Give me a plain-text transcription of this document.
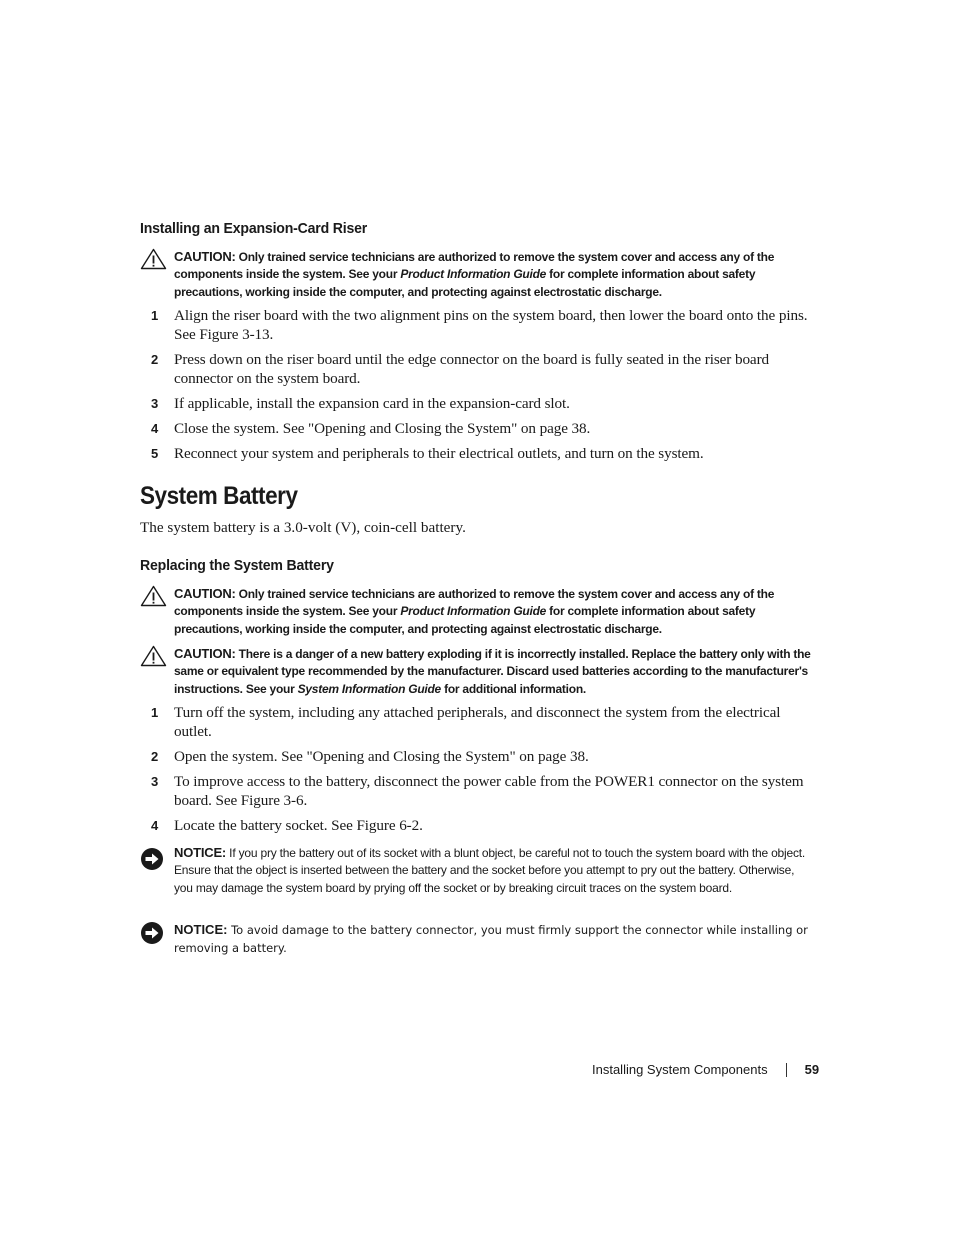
Installing an Expansion-Card Riser
CAUTION: Only trained service technicians are authorized to remove the system cover and access any of the components inside the system. See your Product Information Guide for complete information about safety precautions, working inside the computer, and protecting against electrostatic discharge.
1 Align the riser board with the two alignment pins on the system board, then lower the board onto the pins. See Figure 3-13.
2 Press down on the riser board until the edge connector on the board is fully seated in the riser board connector on the system board.
3 If applicable, install the expansion card in the expansion-card slot.
4 Close the system. See "Opening and Closing the System" on page 38.
5 Reconnect your system and peripherals to their electrical outlets, and turn on the system.
System Battery

The system battery is a 3.0-volt (V), coin-cell battery.

Replacing the System Battery
CAUTION: Only trained service technicians are authorized to remove the system cover and access any of the components inside the system. See your Product Information Guide for complete information about safety precautions, working inside the computer, and protecting against electrostatic discharge.
CAUTION: There is a danger of a new battery exploding if it is incorrectly installed. Replace the battery only with the same or equivalent type recommended by the manufacturer. Discard used batteries according to the manufacturer's instructions. See your System Information Guide for additional information.
1 Turn off the system, including any attached peripherals, and disconnect the system from the electrical outlet.
2 Open the system. See "Opening and Closing the System" on page 38.
3 To improve access to the battery, disconnect the power cable from the POWER1 connector on the system board. See Figure 3-6.
4 Locate the battery socket. See Figure 6-2.
NOTICE: If you pry the battery out of its socket with a blunt object, be careful not to touch the system board with the object. Ensure that the object is inserted between the battery and the socket before you attempt to pry out the battery. Otherwise, you may damage the system board by prying off the socket or by breaking circuit traces on the system board.
NOTICE: To avoid damage to the battery connector, you must firmly support the connector while installing or removing a battery.
Installing System Components	59
